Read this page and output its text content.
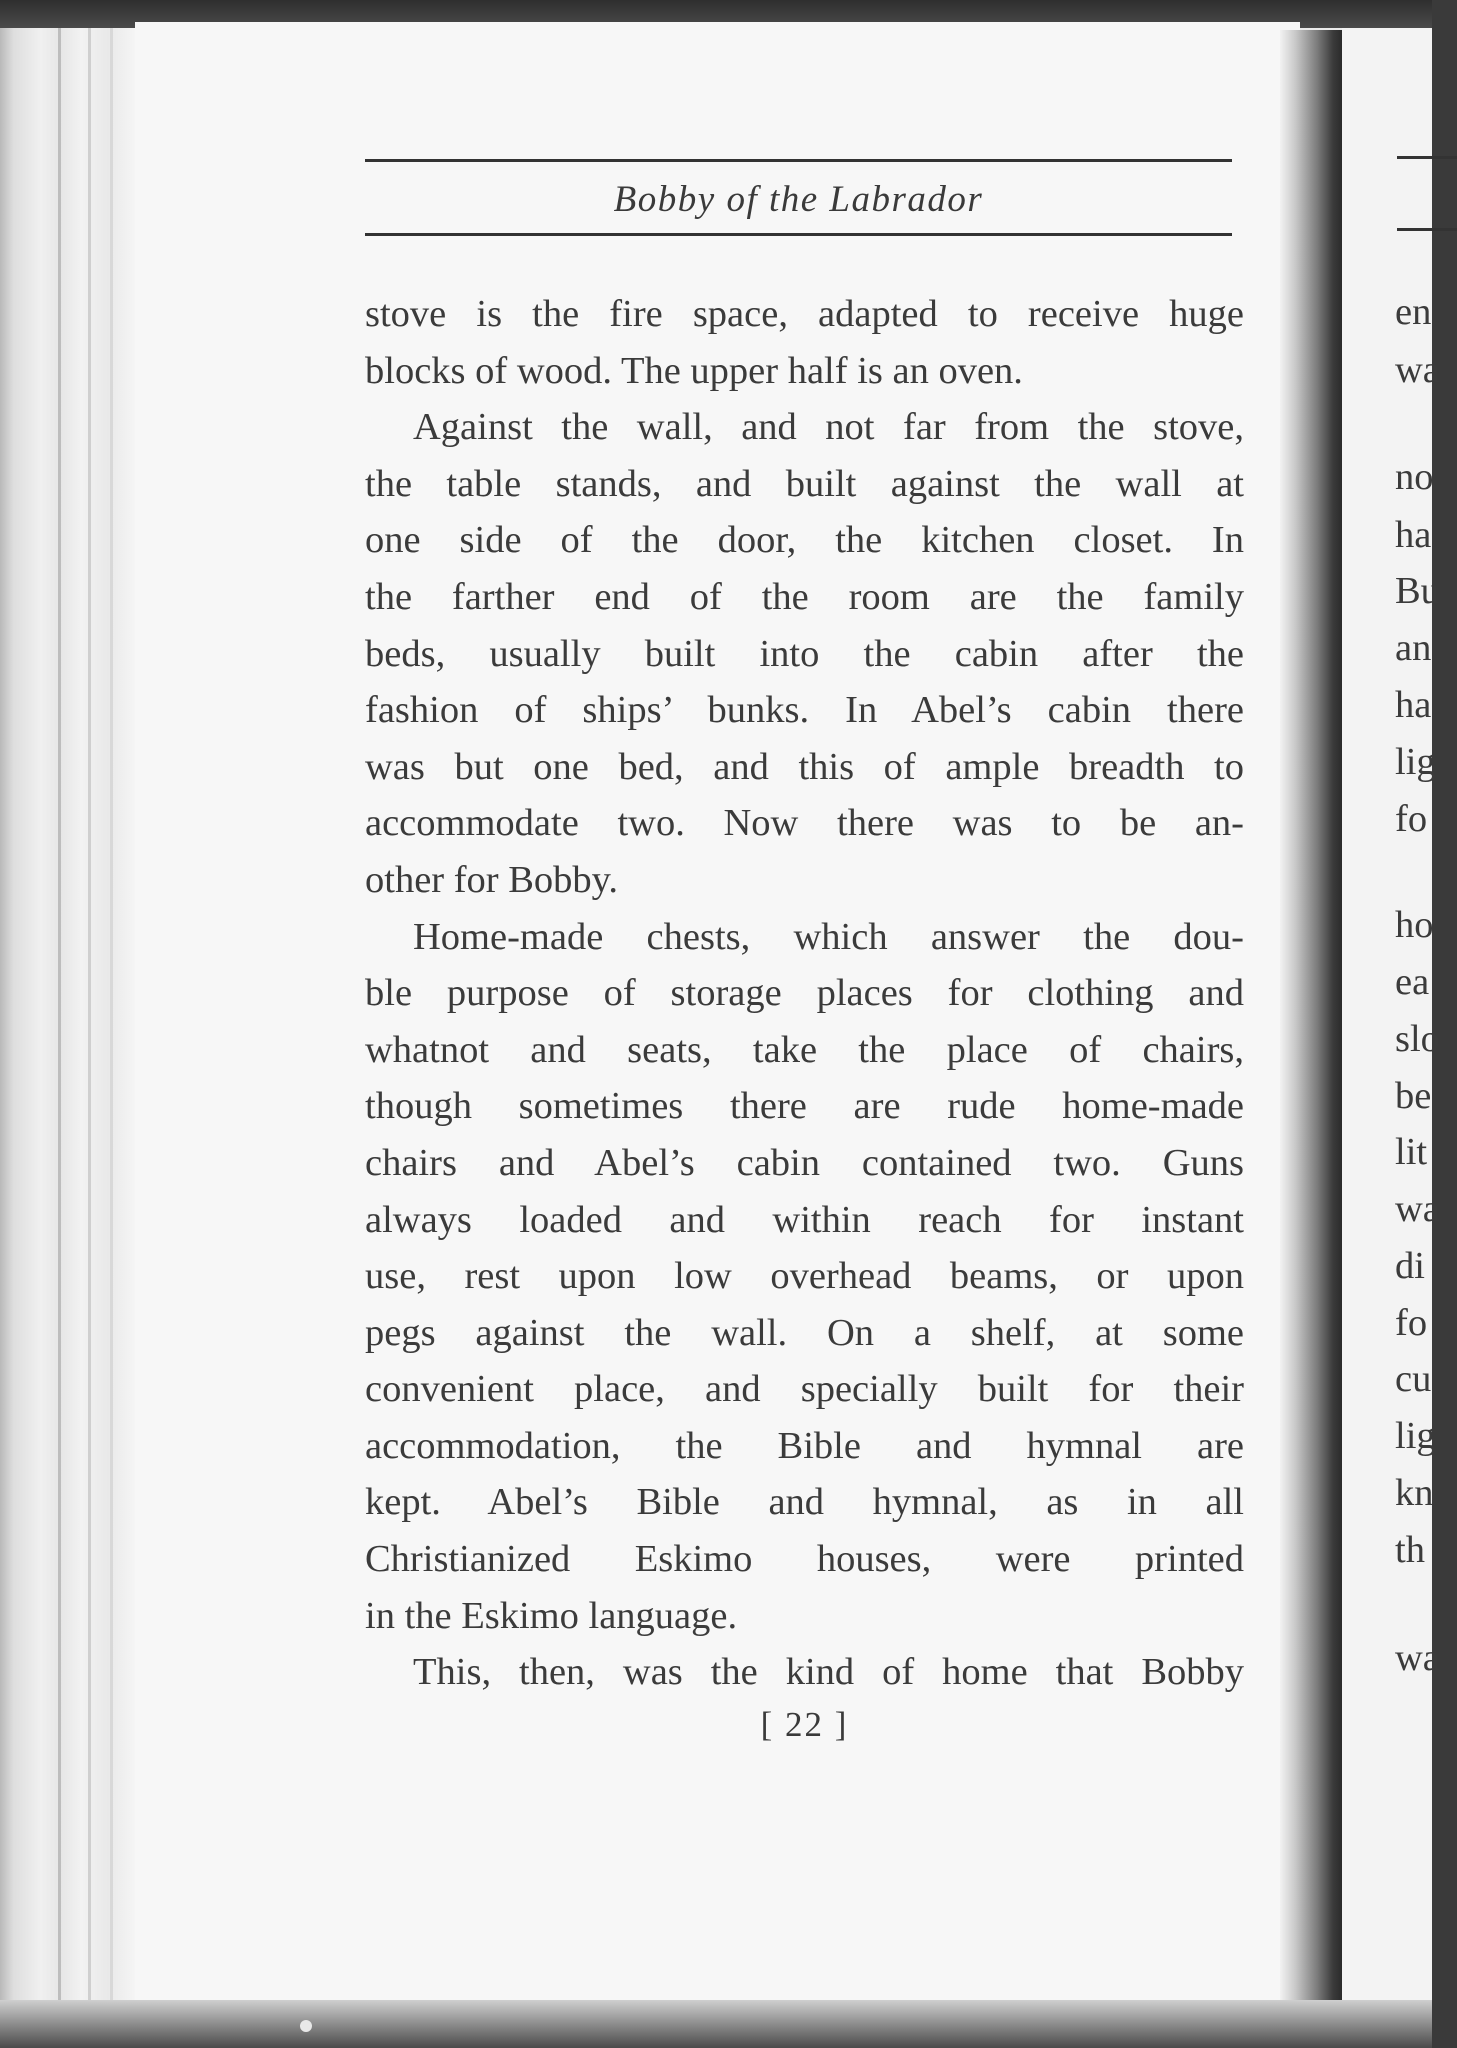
Bobby of the Labrador
stove is the fire space, adapted to receive huge
blocks of wood. The upper half is an oven.
Against the wall, and not far from the stove,
the table stands, and built against the wall at
one side of the door, the kitchen closet. In
the farther end of the room are the family
beds, usually built into the cabin after the
fashion of ships’ bunks. In Abel’s cabin there
was but one bed, and this of ample breadth to
accommodate two. Now there was to be an-
other for Bobby.
Home-made chests, which answer the dou-
ble purpose of storage places for clothing and
whatnot and seats, take the place of chairs,
though sometimes there are rude home-made
chairs and Abel’s cabin contained two. Guns
always loaded and within reach for instant
use, rest upon low overhead beams, or upon
pegs against the wall. On a shelf, at some
convenient place, and specially built for their
accommodation, the Bible and hymnal are
kept. Abel’s Bible and hymnal, as in all
Christianized Eskimo houses, were printed
in the Eskimo language.
This, then, was the kind of home that Bobby
[ 22 ]
en
wa
no
ha
Bu
an
ha
lig
fo
ho
ea
slo
be
lit
wa
di
fo
cu
lig
kn
th
wa
